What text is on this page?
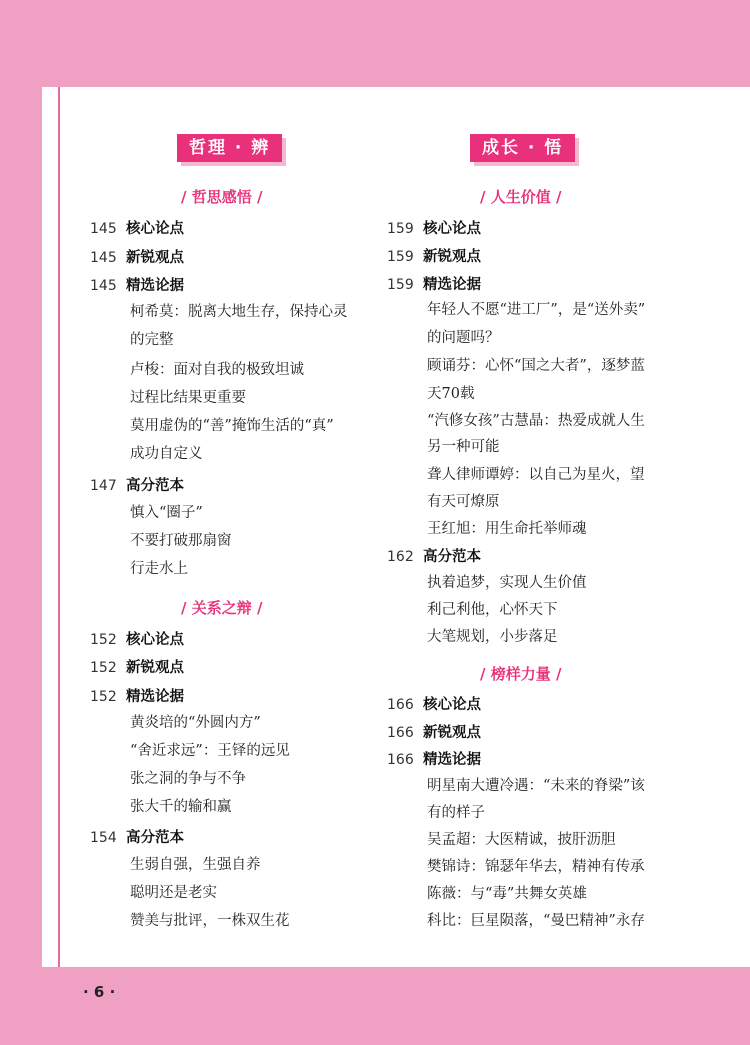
· 6 ·
哲理 · 辨
/ 哲思感悟 /
145 核心论点
145 新锐观点
145 精选论据
柯希莫：脱离大地生存，保持心灵
的完整
卢梭：面对自我的极致坦诚
过程比结果更重要
莫用虚伪的“善”掩饰生活的“真”
成功自定义
147 高分范本
慎入“圈子”
不要打破那扇窗
行走水上
/ 关系之辩 /
152 核心论点
152 新锐观点
152 精选论据
黄炎培的“外圆内方”
“舍近求远”：王铎的远见
张之洞的争与不争
张大千的输和赢
154 高分范本
生弱自强，生强自养
聪明还是老实
赞美与批评，一株双生花
成长 · 悟
/ 人生价值 /
159 核心论点
159 新锐观点
159 精选论据
年轻人不愿“进工厂”，是“送外卖”
的问题吗？
顾诵芬：心怀“国之大者”，逐梦蓝
天70载
“汽修女孩”古慧晶：热爱成就人生
另一种可能
聋人律师谭婷：以自己为星火，望
有天可燎原
王红旭：用生命托举师魂
162 高分范本
执着追梦，实现人生价值
利己利他，心怀天下
大笔规划，小步落足
/ 榜样力量 /
166 核心论点
166 新锐观点
166 精选论据
明星南大遭冷遇：“未来的脊梁”该
有的样子
吴孟超：大医精诚，披肝沥胆
樊锦诗：锦瑟年华去，精神有传承
陈薇：与“毒”共舞女英雄
科比：巨星陨落，“曼巴精神”永存
